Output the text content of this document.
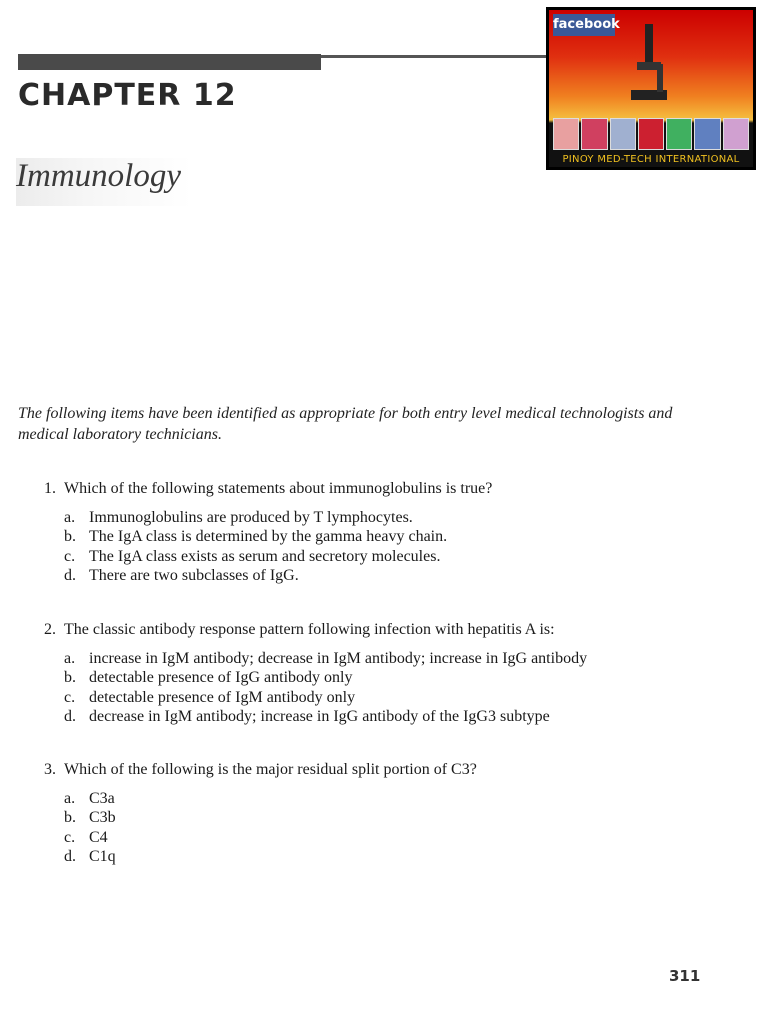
CHAPTER 12
Immunology
facebook
PINOY MED-TECH INTERNATIONAL
The following items have been identified as appropriate for both entry level medical technologists and medical laboratory technicians.
1. Which of the following statements about immunoglobulins is true?
a. Immunoglobulins are produced by T lymphocytes.
b. The IgA class is determined by the gamma heavy chain.
c. The IgA class exists as serum and secretory molecules.
d. There are two subclasses of IgG.
2. The classic antibody response pattern following infection with hepatitis A is:
a. increase in IgM antibody; decrease in IgM antibody; increase in IgG antibody
b. detectable presence of IgG antibody only
c. detectable presence of IgM antibody only
d. decrease in IgM antibody; increase in IgG antibody of the IgG3 subtype
3. Which of the following is the major residual split portion of C3?
a. C3a
b. C3b
c. C4
d. C1q
311
